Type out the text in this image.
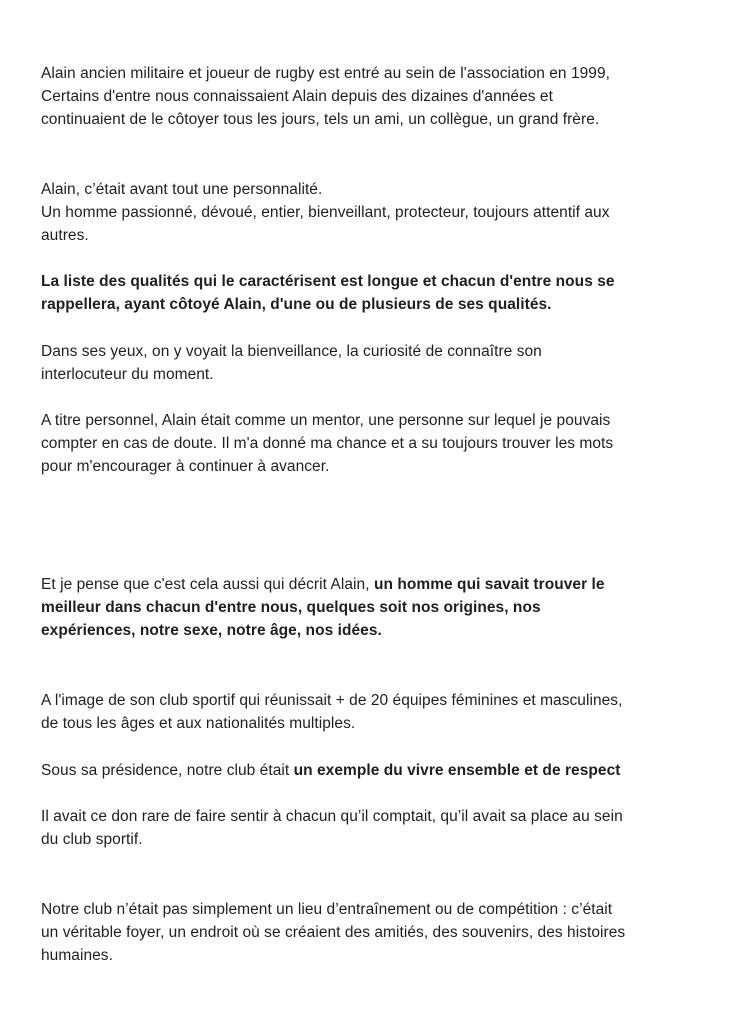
Alain ancien militaire et joueur de rugby est entré au sein de l'association en 1999,
Certains d'entre nous connaissaient Alain depuis des dizaines d'années et
continuaient de le côtoyer tous les jours, tels un ami, un collègue, un grand frère.
Alain, c’était avant tout une personnalité.
Un homme passionné, dévoué, entier, bienveillant, protecteur, toujours attentif aux
autres.
La liste des qualités qui le caractérisent est longue et chacun d'entre nous se
rappellera, ayant côtoyé Alain, d'une ou de plusieurs de ses qualités.
Dans ses yeux, on y voyait la bienveillance, la curiosité de connaître son
interlocuteur du moment.
A titre personnel, Alain était comme un mentor, une personne sur lequel je pouvais
compter en cas de doute. Il m'a donné ma chance et a su toujours trouver les mots
pour m'encourager à continuer à avancer.
Et je pense que c'est cela aussi qui décrit Alain, un homme qui savait trouver le
meilleur dans chacun d'entre nous, quelques soit nos origines, nos
expériences, notre sexe, notre âge, nos idées.
A l'image de son club sportif qui réunissait + de 20 équipes féminines et masculines,
de tous les âges et aux nationalités multiples.
Sous sa présidence, notre club était un exemple du vivre ensemble et de respect
Il avait ce don rare de faire sentir à chacun qu’il comptait, qu’il avait sa place au sein
du club sportif.
Notre club n’était pas simplement un lieu d’entraînement ou de compétition : c’était
un véritable foyer, un endroit où se créaient des amitiés, des souvenirs, des histoires
humaines.
